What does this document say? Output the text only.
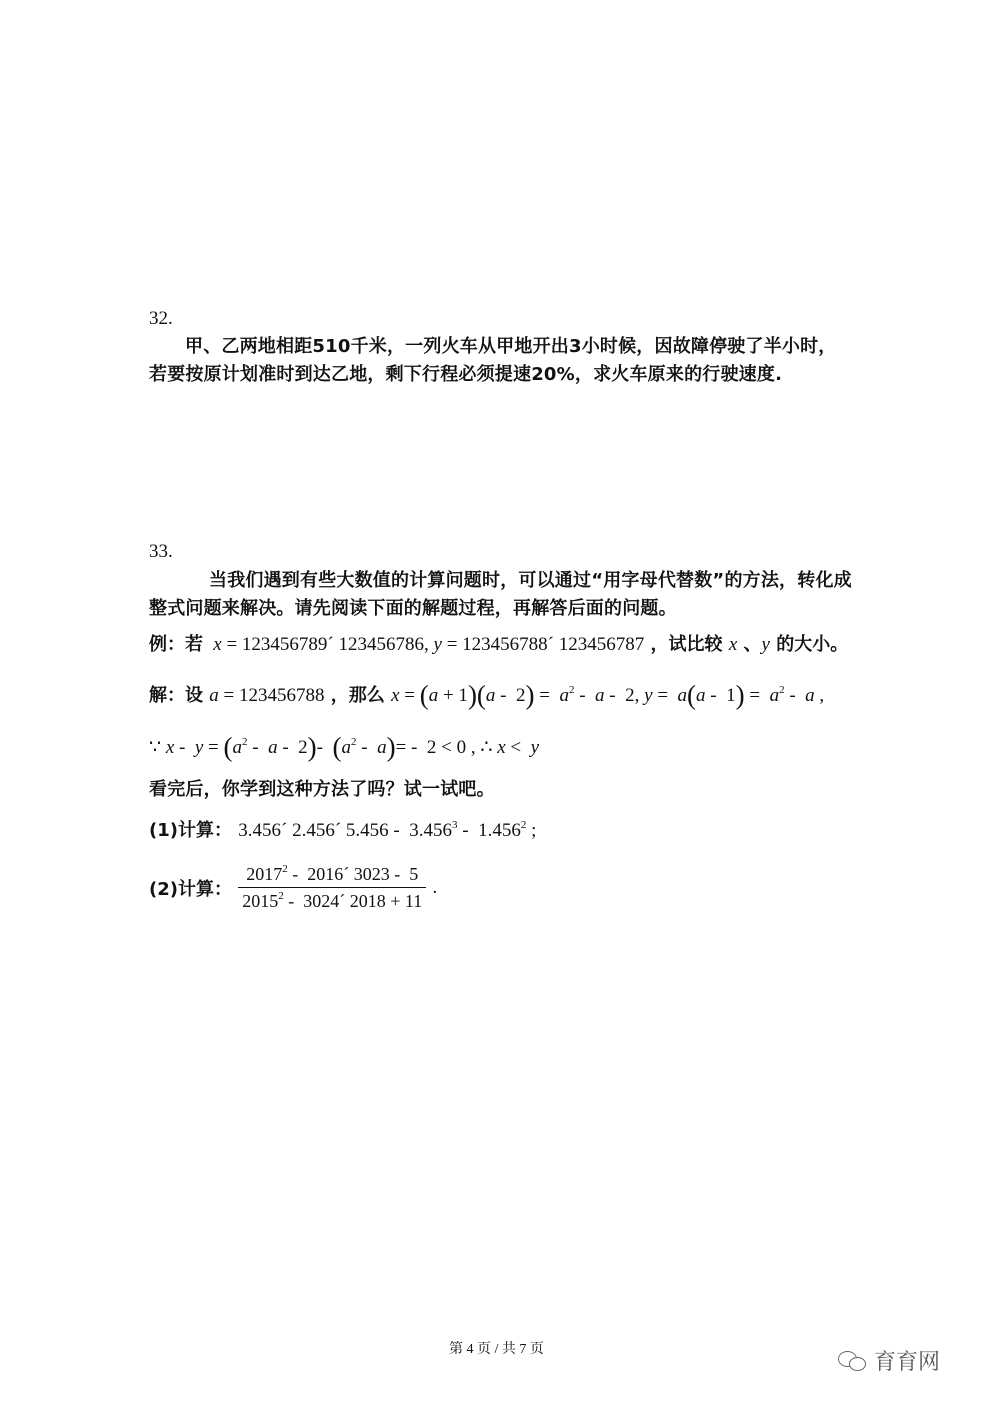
32.
甲、乙两地相距510千米，一列火车从甲地开出3小时候，因故障停驶了半小时，
若要按原计划准时到达乙地，剩下行程必须提速20%，求火车原来的行驶速度.
33.
当我们遇到有些大数值的计算问题时，可以通过“用字母代替数”的方法，转化成
整式问题来解决。请先阅读下面的解题过程，再解答后面的问题。
例：若 x = 123456789´ 123456786, y = 123456788´ 123456787 ，试比较 x 、y 的大小。
解：设 a = 123456788 ，那么 $x = (a + 1)(a - 2) = a^2 - a - 2$, $y = a(a - 1) = a^2 - a$ ,
∵ $x - y = (a^2 - a - 2)-$  $(a^2 - a)= - 2 < 0$ , ∴ x <  y
看完后，你学到这种方法了吗？试一试吧。
(1)计算： 3.456´ 2.456´ 5.456 -  3.456$^3$ -  1.456$^2$ ;
(2)计算： $\frac{2017^2 - 2016´ 3023 - 5}{2015^2 - 3024´ 2018 + 11}$ .
第 4 页 / 共 7 页
育育网
